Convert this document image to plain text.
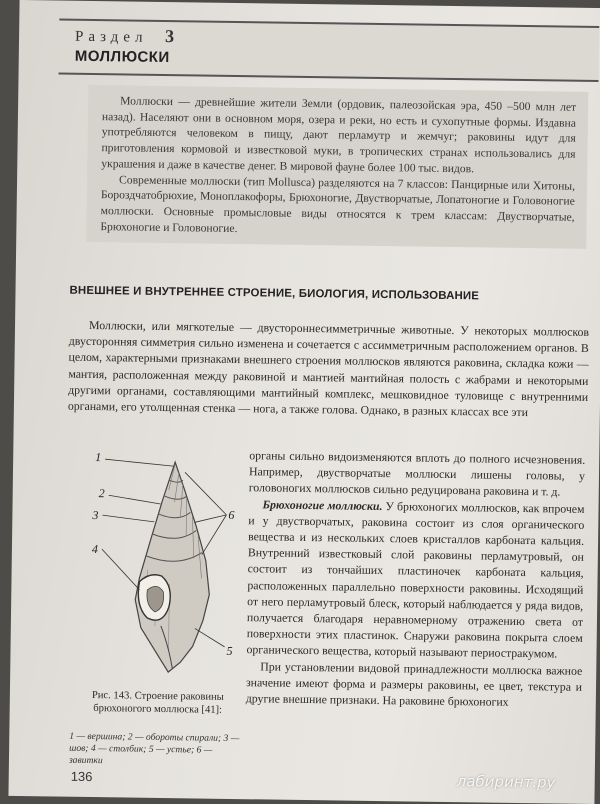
Раздел 3
МОЛЛЮСКИ

Моллюски — древнейшие жители Земли (ордовик, палеозойская эра, 450 –500 млн лет назад). Населяют они в основном моря, озера и реки, но есть и сухопутные формы. Издавна употребляются человеком в пищу, дают перламутр и жемчуг; раковины идут для приготовления кормовой и известковой муки, в тропических странах использовались для украшения и даже в качестве денег. В мировой фауне более 100 тыс. видов.

Современные моллюски (тип Mollusca) разделяются на 7 классов: Панцирные или Хитоны, Бороздчатобрюхие, Моноплакофоры, Брюхоногие, Двустворчатые, Лопатоногие и Головоногие моллюски. Основные промысловые виды относятся к трем классам: Двустворчатые, Брюхоногие и Головоногие.

ВНЕШНЕЕ И ВНУТРЕННЕЕ СТРОЕНИЕ, БИОЛОГИЯ, ИСПОЛЬЗОВАНИЕ

Моллюски, или мягкотелые — двустороннесимметричные животные. У некоторых моллюсков двусторонняя симметрия сильно изменена и сочетается с ассимметричным расположением органов. В целом, характерными признаками внешнего строения моллюсков являются раковина, складка кожи — мантия, расположенная между раковиной и мантией мантийная полость с жабрами и некоторыми другими органами, составляющими мантийный комплекс, мешковидное туловище с внутренними органами, его утолщенная стенка — нога, а также голова. Однако, в разных классах все эти

1
2
3
4
5
6

органы сильно видоизменяются вплоть до полного исчезновения. Например, двустворчатые моллюски лишены головы, у головоногих моллюсков сильно редуцирована раковина и т. д.

Брюхоногие моллюски. У брюхоногих моллюсков, как впрочем и у двустворчатых, раковина состоит из слоя органического вещества и из нескольких слоев кристаллов карбоната кальция. Внутренний известковый слой раковины перламутровый, он состоит из тончайших пластиночек карбоната кальция, расположенных параллельно поверхности раковины. Исходящий от него перламутровый блеск, который наблюдается у ряда видов, получается благодаря неравномерному отражению света от поверхности этих пластинок. Снаружи раковина покрыта слоем органического вещества, который называют периостракумом.

При установлении видовой принадлежности моллюска важное значение имеют форма и размеры раковины, ее цвет, текстура и другие внешние признаки. На раковине брюхоногих

Рис. 143. Строение раковины брюхоногого моллюска [41]:
1 — вершина; 2 — обороты спирали; 3 — шов; 4 — столбик; 5 — устье; 6 — завитки
136	лабиринт.ру
